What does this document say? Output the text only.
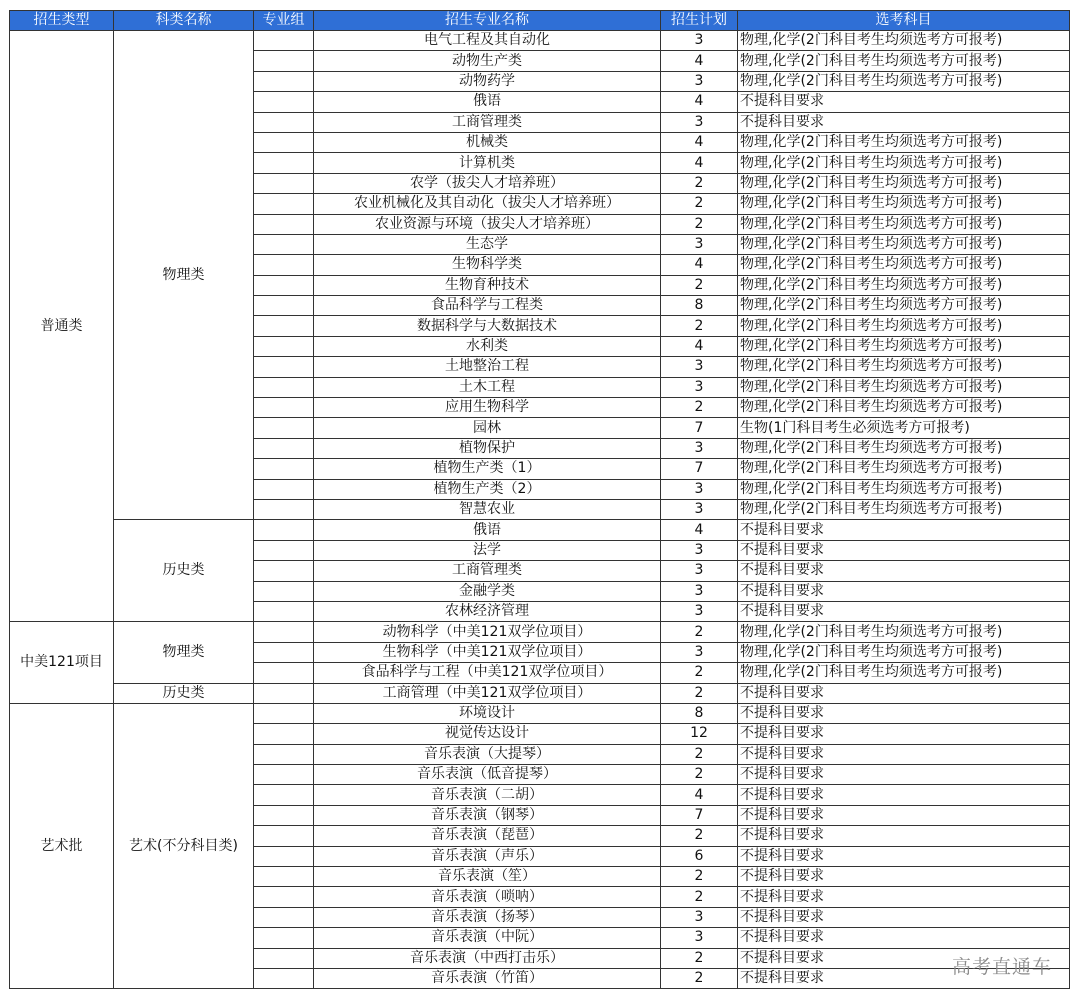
招生类型	科类名称	专业组	招生专业名称	招生计划	选考科目
普通类	物理类		电气工程及其自动化	3	物理,化学(2门科目考生均须选考方可报考)
			动物生产类	4	物理,化学(2门科目考生均须选考方可报考)
			动物药学	3	物理,化学(2门科目考生均须选考方可报考)
			俄语	4	不提科目要求
			工商管理类	3	不提科目要求
			机械类	4	物理,化学(2门科目考生均须选考方可报考)
			计算机类	4	物理,化学(2门科目考生均须选考方可报考)
			农学（拔尖人才培养班）	2	物理,化学(2门科目考生均须选考方可报考)
			农业机械化及其自动化（拔尖人才培养班）	2	物理,化学(2门科目考生均须选考方可报考)
			农业资源与环境（拔尖人才培养班）	2	物理,化学(2门科目考生均须选考方可报考)
			生态学	3	物理,化学(2门科目考生均须选考方可报考)
			生物科学类	4	物理,化学(2门科目考生均须选考方可报考)
			生物育种技术	2	物理,化学(2门科目考生均须选考方可报考)
			食品科学与工程类	8	物理,化学(2门科目考生均须选考方可报考)
			数据科学与大数据技术	2	物理,化学(2门科目考生均须选考方可报考)
			水利类	4	物理,化学(2门科目考生均须选考方可报考)
			土地整治工程	3	物理,化学(2门科目考生均须选考方可报考)
			土木工程	3	物理,化学(2门科目考生均须选考方可报考)
			应用生物科学	2	物理,化学(2门科目考生均须选考方可报考)
			园林	7	生物(1门科目考生必须选考方可报考)
			植物保护	3	物理,化学(2门科目考生均须选考方可报考)
			植物生产类（1）	7	物理,化学(2门科目考生均须选考方可报考)
			植物生产类（2）	3	物理,化学(2门科目考生均须选考方可报考)
			智慧农业	3	物理,化学(2门科目考生均须选考方可报考)
	历史类		俄语	4	不提科目要求
			法学	3	不提科目要求
			工商管理类	3	不提科目要求
			金融学类	3	不提科目要求
			农林经济管理	3	不提科目要求
中美121项目	物理类		动物科学（中美121双学位项目）	2	物理,化学(2门科目考生均须选考方可报考)
			生物科学（中美121双学位项目）	3	物理,化学(2门科目考生均须选考方可报考)
			食品科学与工程（中美121双学位项目）	2	物理,化学(2门科目考生均须选考方可报考)
	历史类		工商管理（中美121双学位项目）	2	不提科目要求
艺术批	艺术(不分科目类)		环境设计	8	不提科目要求
			视觉传达设计	12	不提科目要求
			音乐表演（大提琴）	2	不提科目要求
			音乐表演（低音提琴）	2	不提科目要求
			音乐表演（二胡）	4	不提科目要求
			音乐表演（钢琴）	7	不提科目要求
			音乐表演（琵琶）	2	不提科目要求
			音乐表演（声乐）	6	不提科目要求
			音乐表演（笙）	2	不提科目要求
			音乐表演（唢呐）	2	不提科目要求
			音乐表演（扬琴）	3	不提科目要求
			音乐表演（中阮）	3	不提科目要求
			音乐表演（中西打击乐）	2	不提科目要求
			音乐表演（竹笛）	2	不提科目要求
高考直通车
